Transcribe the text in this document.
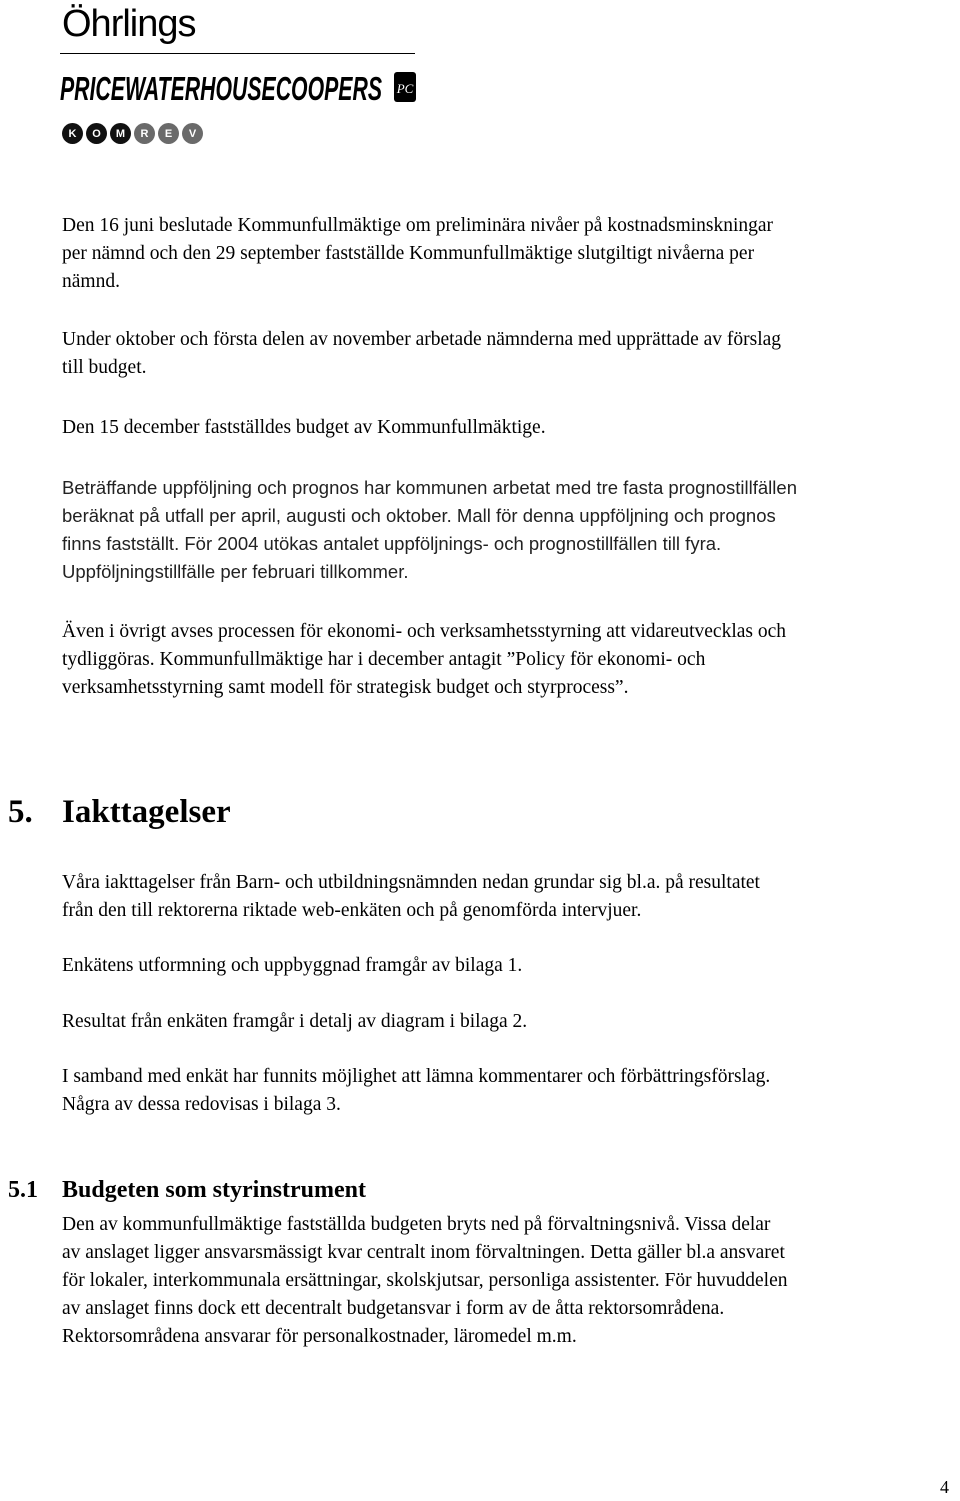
Öhrlings
PRICEWATERHOUSECOOPERS PC
K	O	M	R	E	V

Den 16 juni beslutade Kommunfullmäktige om preliminära nivåer på kostnadsminskningar
per nämnd och den 29 september fastställde Kommunfullmäktige slutgiltigt nivåerna per
nämnd.

Under oktober och första delen av november arbetade nämnderna med upprättade av förslag
till budget.

Den 15 december fastställdes budget av Kommunfullmäktige.

Beträffande uppföljning och prognos har kommunen arbetat med tre fasta prognostillfällen
beräknat på utfall per april, augusti och oktober. Mall för denna uppföljning och prognos
finns fastställt. För 2004 utökas antalet uppföljnings- och prognostillfällen till fyra.
Uppföljningstillfälle per februari tillkommer.

Även i övrigt avses processen för ekonomi- och verksamhetsstyrning att vidareutvecklas och
tydliggöras. Kommunfullmäktige har i december antagit ”Policy för ekonomi- och
verksamhetsstyrning samt modell för strategisk budget och styrprocess”.

5. Iakttagelser

Våra iakttagelser från Barn- och utbildningsnämnden nedan grundar sig bl.a. på resultatet
från den till rektorerna riktade web-enkäten och på genomförda intervjuer.

Enkätens utformning och uppbyggnad framgår av bilaga 1.

Resultat från enkäten framgår i detalj av diagram i bilaga 2.

I samband med enkät har funnits möjlighet att lämna kommentarer och förbättringsförslag.
Några av dessa redovisas i bilaga 3.

5.1 Budgeten som styrinstrument

Den av kommunfullmäktige fastställda budgeten bryts ned på förvaltningsnivå. Vissa delar
av anslaget ligger ansvarsmässigt kvar centralt inom förvaltningen. Detta gäller bl.a ansvaret
för lokaler, interkommunala ersättningar, skolskjutsar, personliga assistenter. För huvuddelen
av anslaget finns dock ett decentralt budgetansvar i form av de åtta rektorsområdena.
Rektorsområdena ansvarar för personalkostnader, läromedel m.m.

4
